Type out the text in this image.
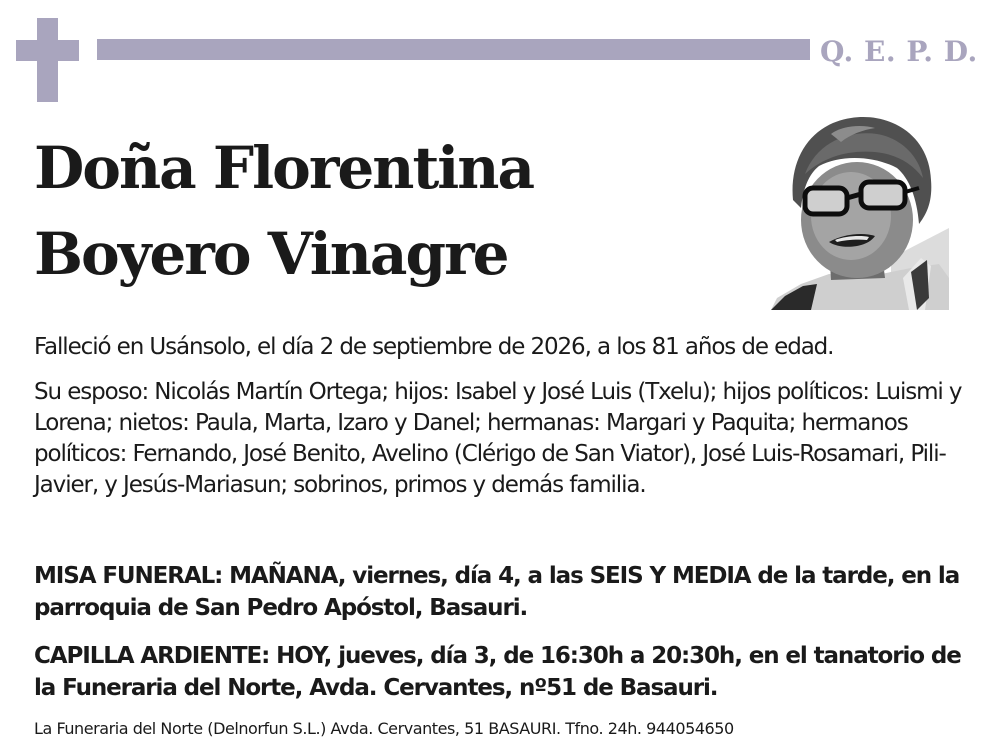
Q. E. P. D.
Doña Florentina
Boyero Vinagre
Falleció en Usánsolo, el día 2 de septiembre de 2026, a los 81 años de edad.
Su esposo: Nicolás Martín Ortega; hijos: Isabel y José Luis (Txelu); hijos políticos: Luismi y Lorena; nietos: Paula, Marta, Izaro y Danel; hermanas: Margari y Paquita; hermanos políticos: Fernando, José Benito, Avelino (Clérigo de San Viator), José Luis-Rosamari, Pili-Javier, y Jesús-Mariasun; sobrinos, primos y demás familia.
MISA FUNERAL: MAÑANA, viernes, día 4, a las SEIS Y MEDIA de la tarde, en la parroquia de San Pedro Apóstol, Basauri.
CAPILLA ARDIENTE: HOY, jueves, día 3, de 16:30h a 20:30h, en el tanatorio de la Funeraria del Norte, Avda. Cervantes, nº51 de Basauri.
La Funeraria del Norte (Delnorfun S.L.) Avda. Cervantes, 51 BASAURI. Tfno. 24h. 944054650
